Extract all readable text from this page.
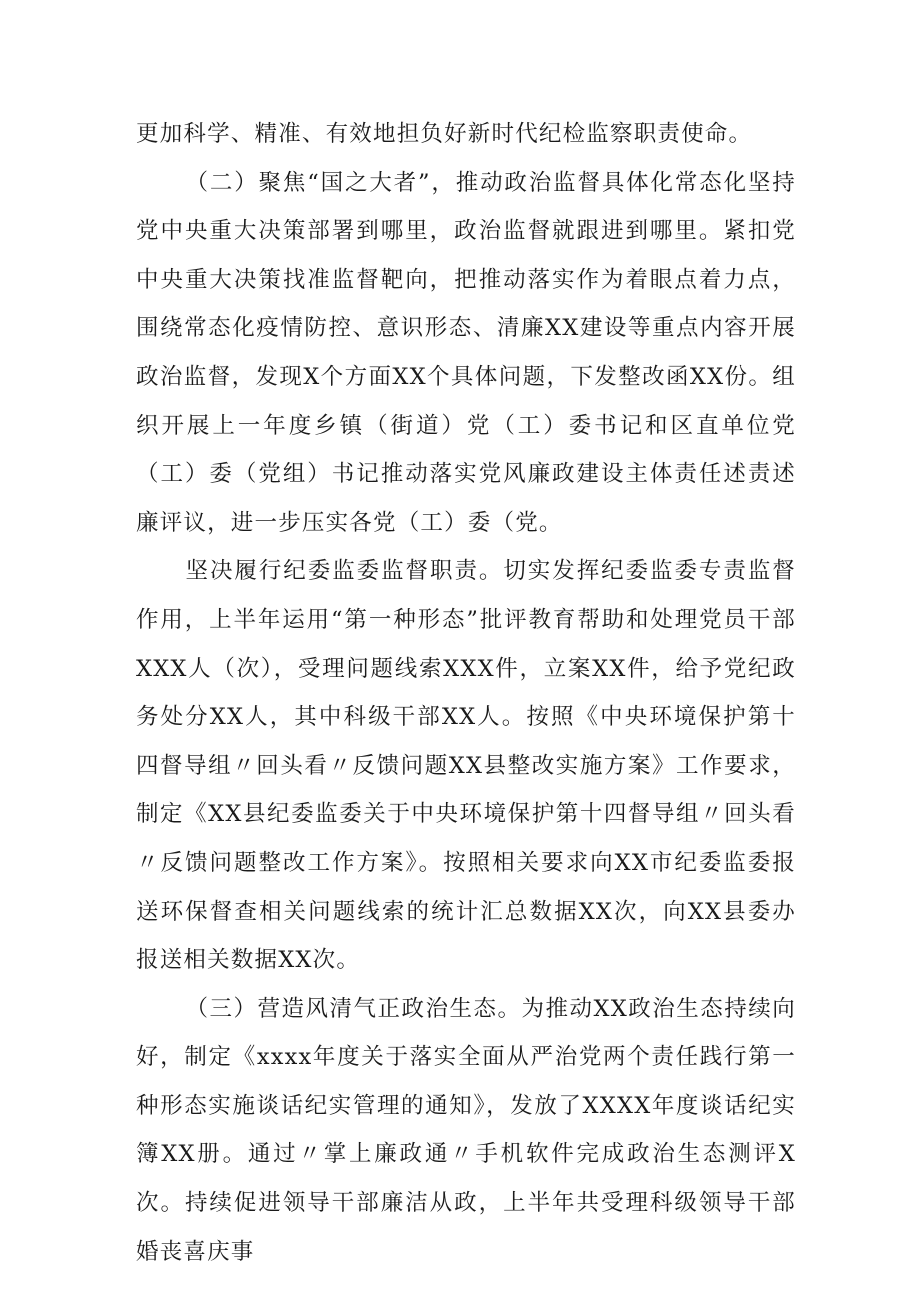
更加科学、精准、有效地担负好新时代纪检监察职责使命。

（二）聚焦“国之大者”，推动政治监督具体化常态化坚持党中央重大决策部署到哪里，政治监督就跟进到哪里。紧扣党中央重大决策找准监督靶向，把推动落实作为着眼点着力点，围绕常态化疫情防控、意识形态、清廉XX建设等重点内容开展政治监督，发现X个方面XX个具体问题，下发整改函XX份。组织开展上一年度乡镇（街道）党（工）委书记和区直单位党（工）委（党组）书记推动落实党风廉政建设主体责任述责述廉评议，进一步压实各党（工）委（党。

坚决履行纪委监委监督职责。切实发挥纪委监委专责监督作用，上半年运用“第一种形态”批评教育帮助和处理党员干部XXX人（次），受理问题线索XXX件，立案XX件，给予党纪政务处分XX人，其中科级干部XX人。按照《中央环境保护第十四督导组〃回头看〃反馈问题XX县整改实施方案》工作要求，制定《XX县纪委监委关于中央环境保护第十四督导组〃回头看〃反馈问题整改工作方案》。按照相关要求向XX市纪委监委报送环保督查相关问题线索的统计汇总数据XX次，向XX县委办报送相关数据XX次。

（三）营造风清气正政治生态。为推动XX政治生态持续向好，制定《xxxx年度关于落实全面从严治党两个责任践行第一种形态实施谈话纪实管理的通知》，发放了XXXX年度谈话纪实簿XX册。通过〃掌上廉政通〃手机软件完成政治生态测评X次。持续促进领导干部廉洁从政，上半年共受理科级领导干部婚丧喜庆事
